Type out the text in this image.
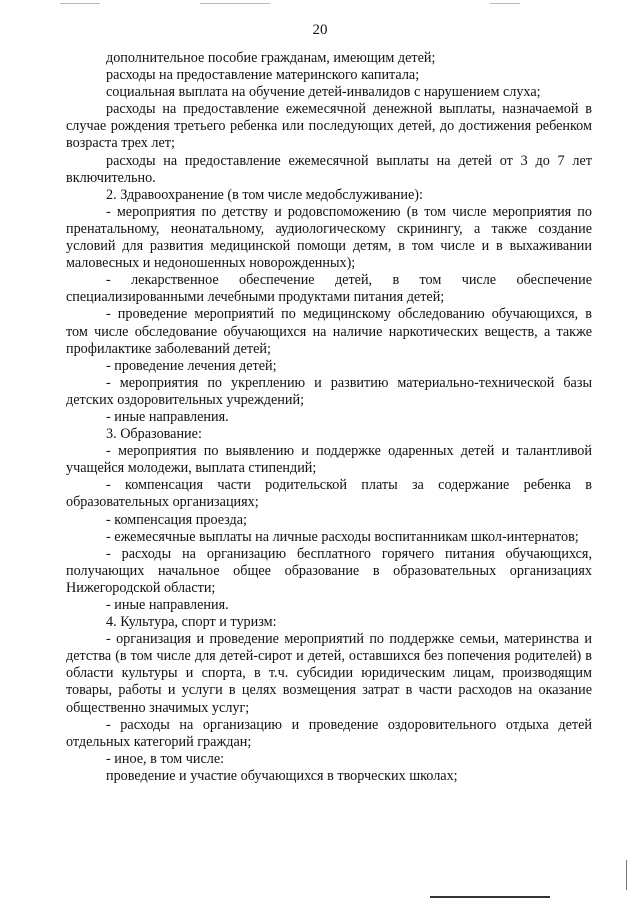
20

дополнительное пособие гражданам, имеющим детей;

расходы на предоставление материнского капитала;

социальная выплата на обучение детей-инвалидов с нарушением слуха;

расходы на предоставление ежемесячной денежной выплаты, назначаемой в случае рождения третьего ребенка или последующих детей, до достижения ребенком возраста трех лет;

расходы на предоставление ежемесячной выплаты на детей от 3 до 7 лет включительно.

2. Здравоохранение (в том числе медобслуживание):

- мероприятия по детству и родовспоможению (в том числе мероприятия по пренатальному, неонатальному, аудиологическому скринингу, а также создание условий для развития медицинской помощи детям, в том числе и в выхаживании маловесных и недоношенных новорожденных);

- лекарственное обеспечение детей, в том числе обеспечение специализированными лечебными продуктами питания детей;

- проведение мероприятий по медицинскому обследованию обучающихся, в том числе обследование обучающихся на наличие наркотических веществ, а также профилактике заболеваний детей;

- проведение лечения детей;

- мероприятия по укреплению и развитию материально-технической базы детских оздоровительных учреждений;

- иные направления.

3. Образование:

- мероприятия по выявлению и поддержке одаренных детей и талантливой учащейся молодежи, выплата стипендий;

- компенсация части родительской платы за содержание ребенка в образовательных организациях;

- компенсация проезда;

- ежемесячные выплаты на личные расходы воспитанникам школ-интернатов;

- расходы на организацию бесплатного горячего питания обучающихся, получающих начальное общее образование в образовательных организациях Нижегородской области;

- иные направления.

4. Культура, спорт и туризм:

- организация и проведение мероприятий по поддержке семьи, материнства и детства (в том числе для детей-сирот и детей, оставшихся без попечения родителей) в области культуры и спорта, в т.ч. субсидии юридическим лицам, производящим товары, работы и услуги в целях возмещения затрат в части расходов на оказание общественно значимых услуг;

- расходы на организацию и проведение оздоровительного отдыха детей отдельных категорий граждан;

- иное, в том числе:

проведение и участие обучающихся в творческих школах;
